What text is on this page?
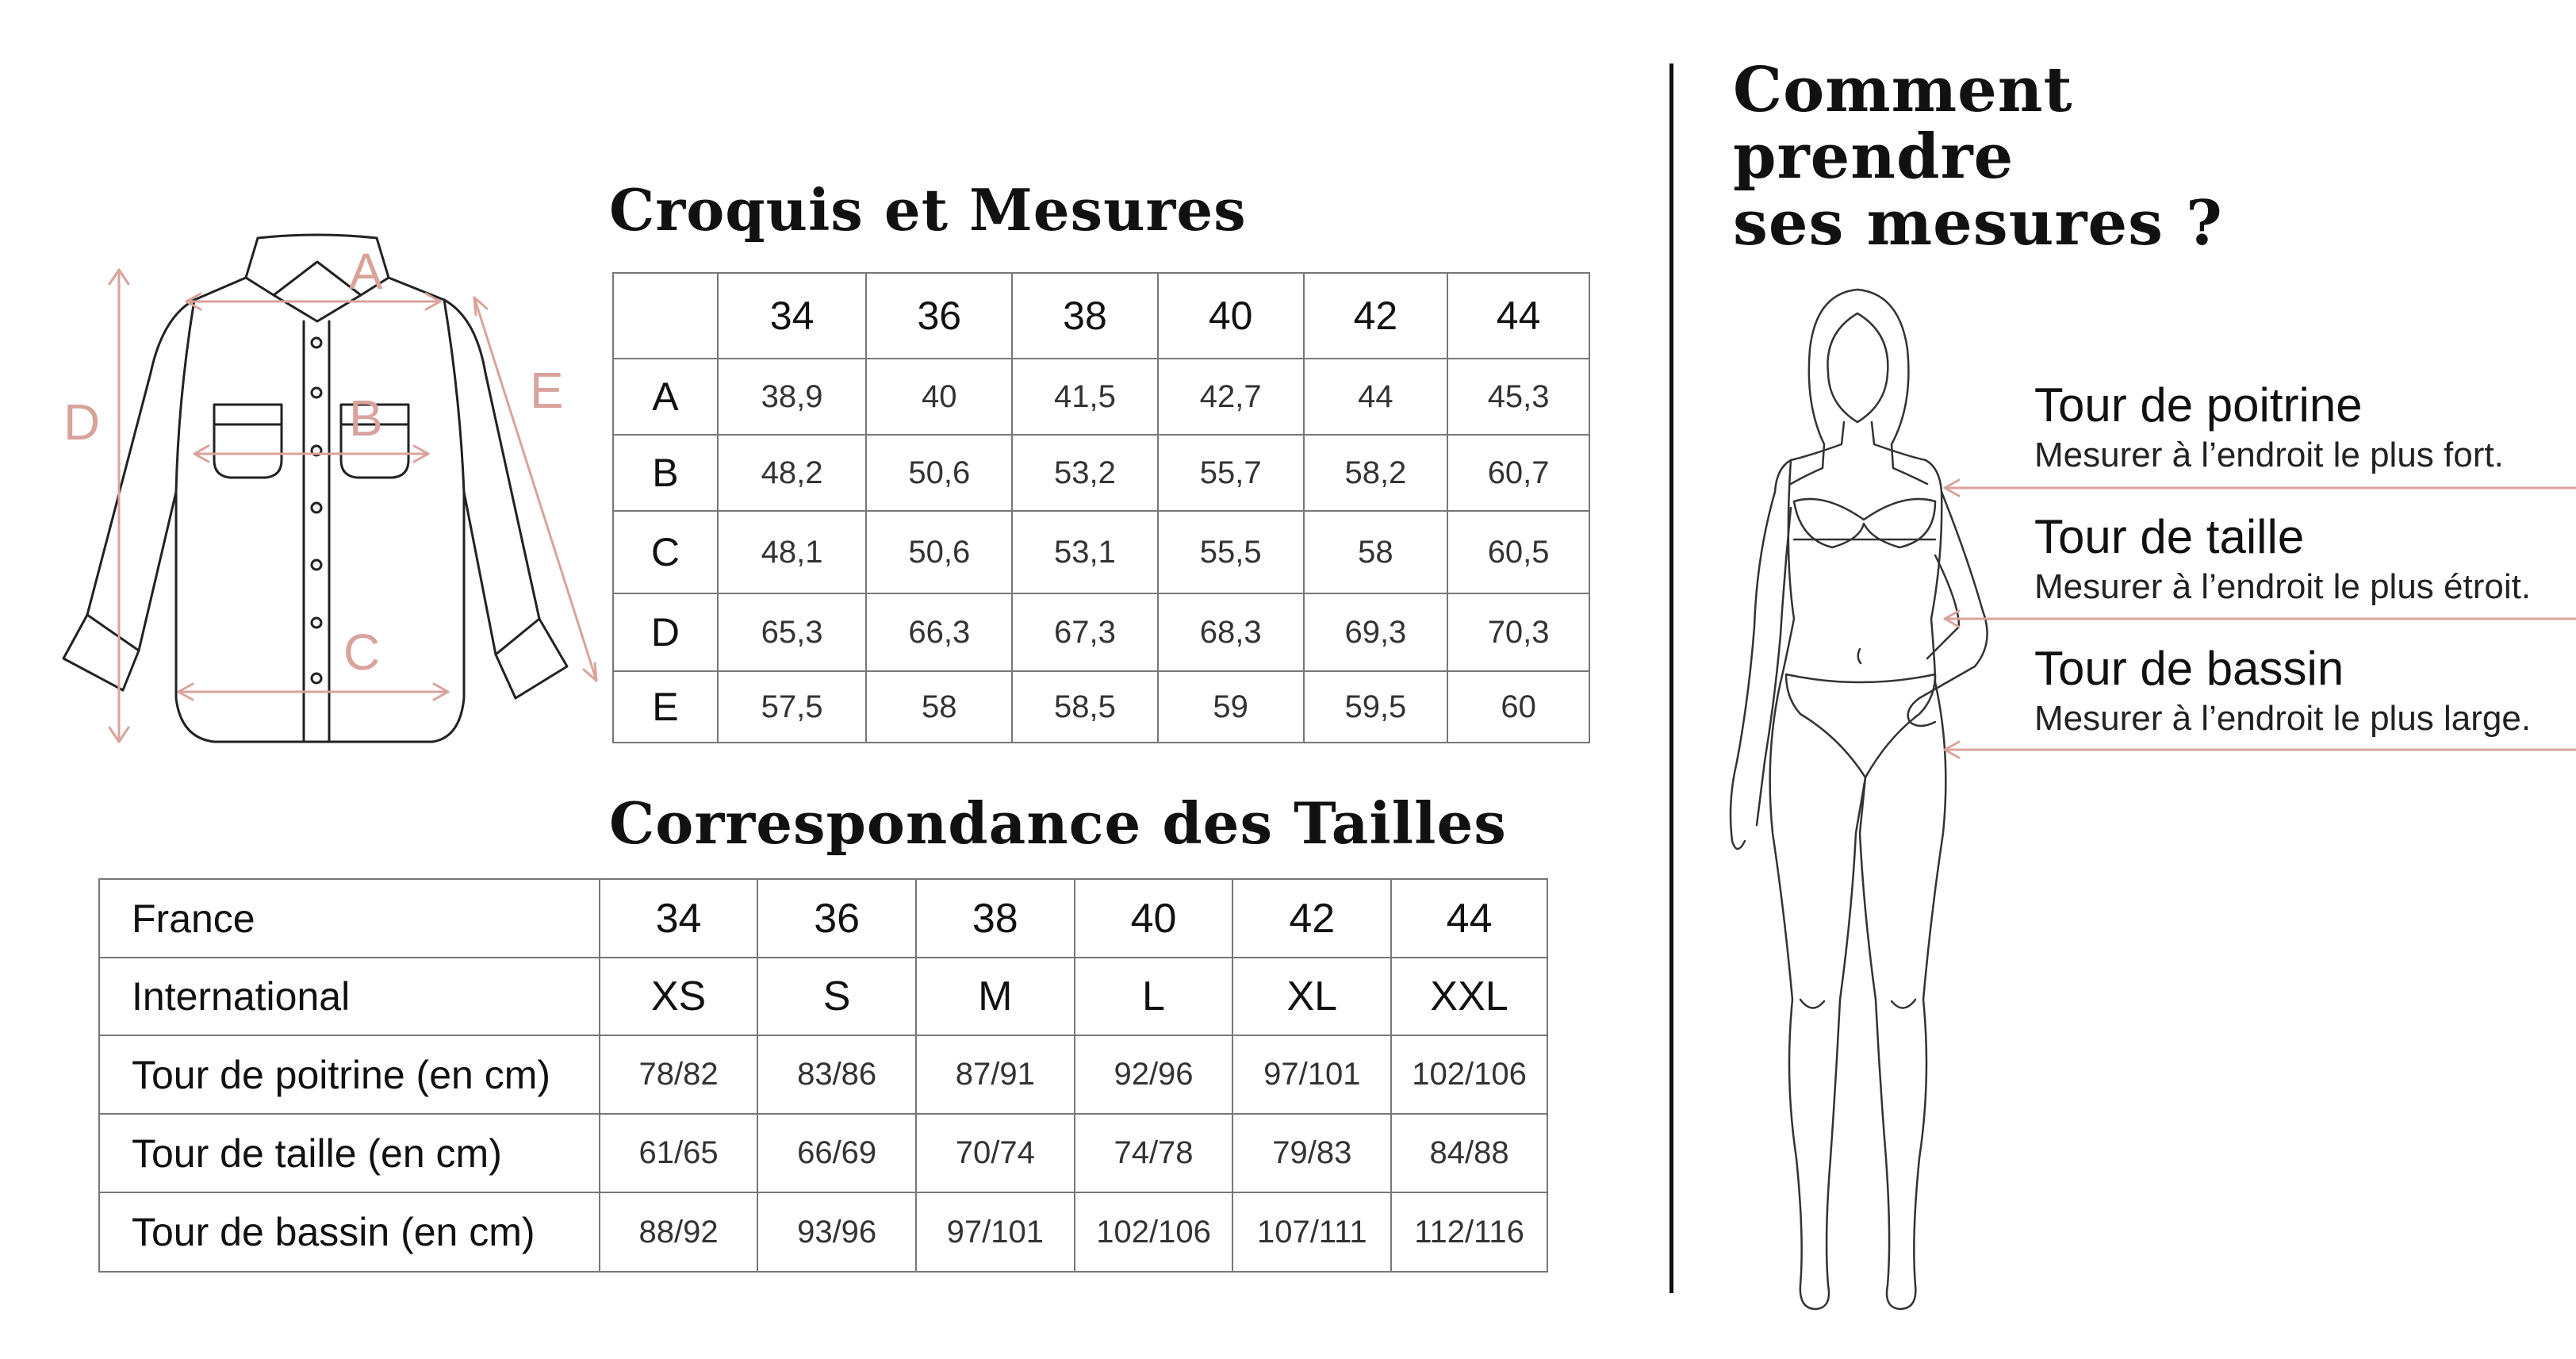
A
B
C
D
E
Croquis et Mesures
	34	36	38	40	42	44
A	38,9	40	41,5	42,7	44	45,3
B	48,2	50,6	53,2	55,7	58,2	60,7
C	48,1	50,6	53,1	55,5	58	60,5
D	65,3	66,3	67,3	68,3	69,3	70,3
E	57,5	58	58,5	59	59,5	60
Correspondance des Tailles
France	34	36	38	40	42	44
International	XS	S	M	L	XL	XXL
Tour de poitrine (en cm)	78/82	83/86	87/91	92/96	97/101	102/106
Tour de taille (en cm)	61/65	66/69	70/74	74/78	79/83	84/88
Tour de bassin (en cm)	88/92	93/96	97/101	102/106	107/111	112/116
Comment
prendre
ses mesures ?
Tour de poitrine
Mesurer à l’endroit le plus fort.
Tour de taille
Mesurer à l’endroit le plus étroit.
Tour de bassin
Mesurer à l’endroit le plus large.
